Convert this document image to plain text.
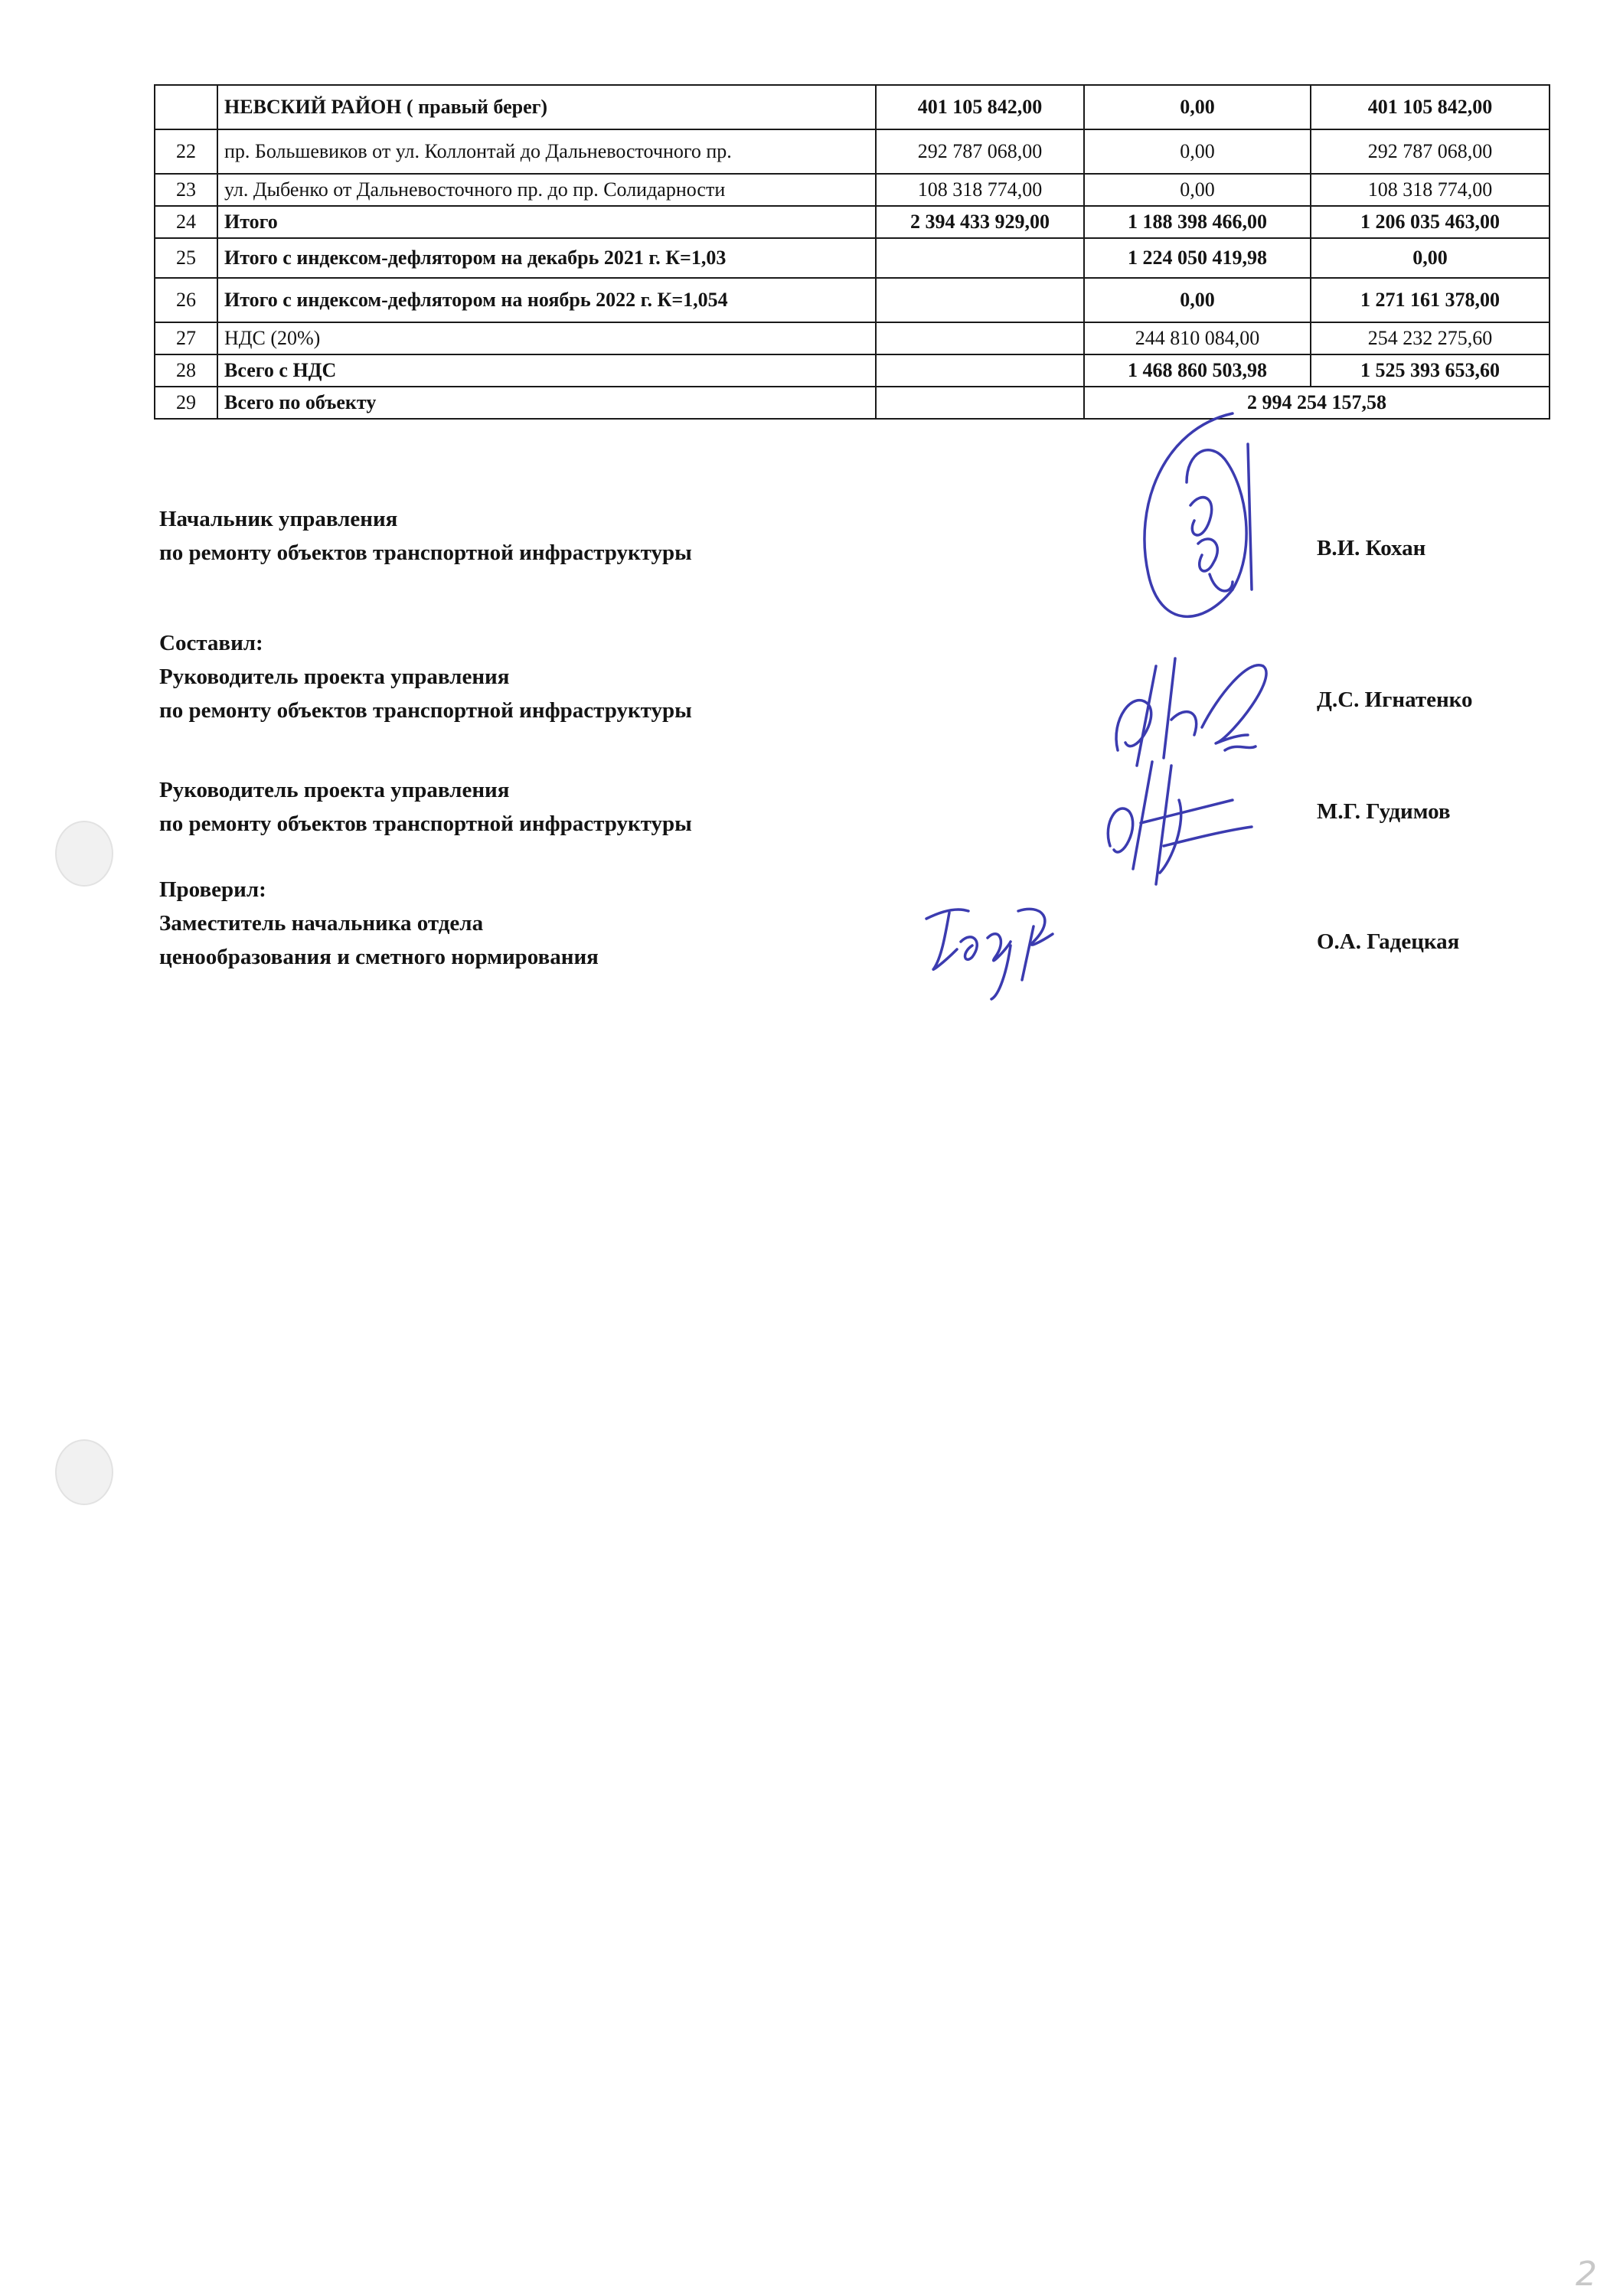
	НЕВСКИЙ РАЙОН ( правый берег)	401 105 842,00	0,00	401 105 842,00
22	пр. Большевиков от ул. Коллонтай до Дальневосточного пр.	292 787 068,00	0,00	292 787 068,00
23	ул. Дыбенко от Дальневосточного пр. до пр. Солидарности	108 318 774,00	0,00	108 318 774,00
24	Итого	2 394 433 929,00	1 188 398 466,00	1 206 035 463,00
25	Итого с индексом-дефлятором на декабрь 2021 г. К=1,03		1 224 050 419,98	0,00
26	Итого с индексом-дефлятором на ноябрь 2022 г. К=1,054		0,00	1 271 161 378,00
27	НДС (20%)		244 810 084,00	254 232 275,60
28	Всего с НДС		1 468 860 503,98	1 525 393 653,60
29	Всего по объекту		2 994 254 157,58	
Начальник управления
по ремонту объектов транспортной инфраструктуры	В.И. Кохан
Составил:
Руководитель проекта управления
по ремонту объектов транспортной инфраструктуры	Д.С. Игнатенко
Руководитель проекта управления
по ремонту объектов транспортной инфраструктуры	М.Г. Гудимов
Проверил:
Заместитель начальника отдела
ценообразования и сметного нормирования
О.А. Гадецкая
2
